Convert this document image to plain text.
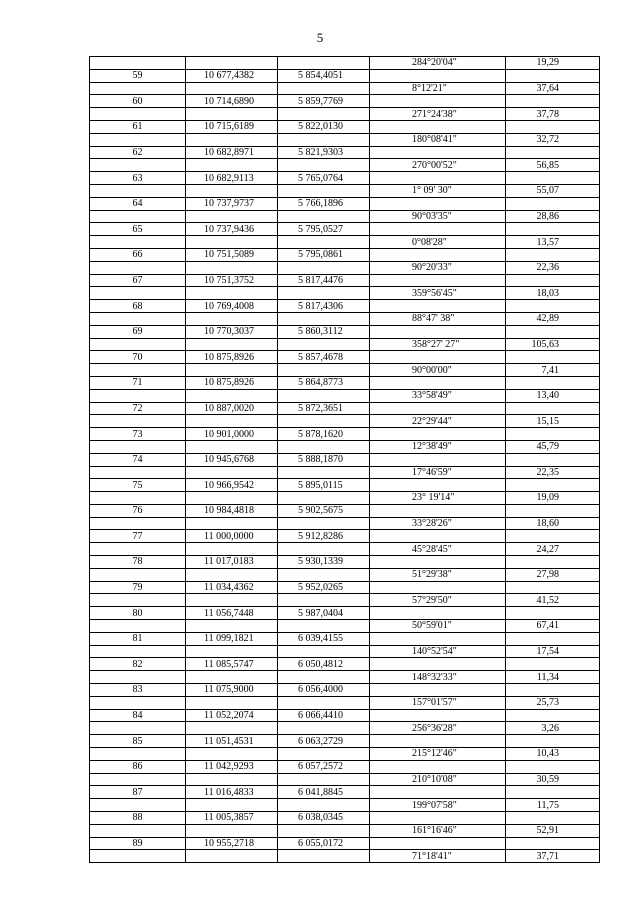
5
			284°20'04"	19,29
59	10 677,4382	5 854,4051		
			8°12'21"	37,64
60	10 714,6890	5 859,7769		
			271°24'38"	37,78
61	10 715,6189	5 822,0130		
			180°08'41"	32,72
62	10 682,8971	5 821,9303		
			270°00'52"	56,85
63	10 682,9113	5 765,0764		
			1° 09' 30"	55,07
64	10 737,9737	5 766,1896		
			90°03'35"	28,86
65	10 737,9436	5 795,0527		
			0°08'28"	13,57
66	10 751,5089	5 795,0861		
			90°20'33"	22,36
67	10 751,3752	5 817,4476		
			359°56'45"	18,03
68	10 769,4008	5 817,4306		
			88°47' 38"	42,89
69	10 770,3037	5 860,3112		
			358°27' 27"	105,63
70	10 875,8926	5 857,4678		
			90°00'00"	7,41
71	10 875,8926	5 864,8773		
			33°58'49"	13,40
72	10 887,0020	5 872,3651		
			22°29'44"	15,15
73	10 901,0000	5 878,1620		
			12°38'49"	45,79
74	10 945,6768	5 888,1870		
			17°46'59"	22,35
75	10 966,9542	5 895,0115		
			23° 19'14"	19,09
76	10 984,4818	5 902,5675		
			33°28'26"	18,60
77	11 000,0000	5 912,8286		
			45°28'45"	24,27
78	11 017,0183	5 930,1339		
			51°29'38"	27,98
79	11 034,4362	5 952,0265		
			57°29'50"	41,52
80	11 056,7448	5 987,0404		
			50°59'01"	67,41
81	11 099,1821	6 039,4155		
			140°52'54"	17,54
82	11 085,5747	6 050,4812		
			148°32'33"	11,34
83	11 075,9000	6 056,4000		
			157°01'57"	25,73
84	11 052,2074	6 066,4410		
			256°36'28"	3,26
85	11 051,4531	6 063,2729		
			215°12'46"	10,43
86	11 042,9293	6 057,2572		
			210°10'08"	30,59
87	11 016,4833	6 041,8845		
			199°07'58"	11,75
88	11 005,3857	6 038,0345		
			161°16'46"	52,91
89	10 955,2718	6 055,0172		
			71°18'41"	37,71
